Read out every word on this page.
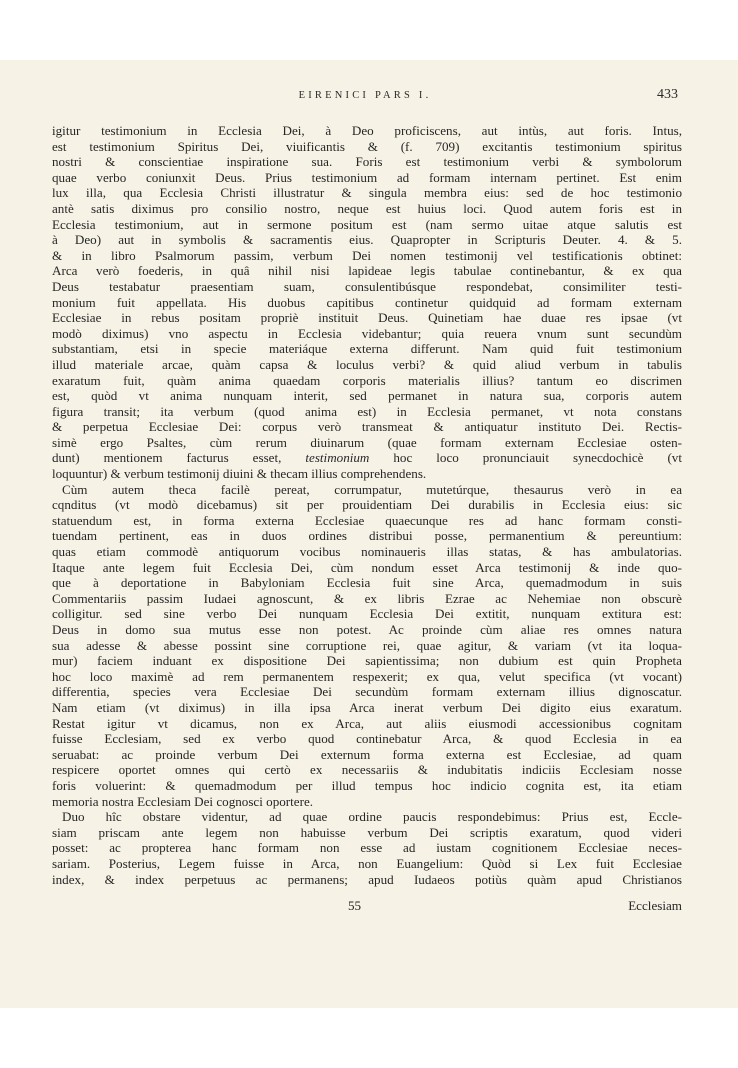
EIRENICI PARS I.	433
igitur testimonium in Ecclesia Dei, à Deo proficiscens, aut intùs, aut foris. Intus,
est testimonium Spiritus Dei, viuificantis & (f. 709) excitantis testimonium spiritus
nostri & conscientiae inspiratione sua. Foris est testimonium verbi & symbolorum
quae verbo coniunxit Deus. Prius testimonium ad formam internam pertinet. Est enim
lux illa, qua Ecclesia Christi illustratur & singula membra eius: sed de hoc testimonio
antè satis diximus pro consilio nostro, neque est huius loci. Quod autem foris est in
Ecclesia testimonium, aut in sermone positum est (nam sermo uitae atque salutis est
à Deo) aut in symbolis & sacramentis eius. Quapropter in Scripturis Deuter. 4. & 5.
& in libro Psalmorum passim, verbum Dei nomen testimonij vel testificationis obtinet:
Arca verò foederis, in quâ nihil nisi lapideae legis tabulae continebantur, & ex qua
Deus testabatur praesentiam suam, consulentibúsque respondebat, consimiliter testi-
monium fuit appellata. His duobus capitibus continetur quidquid ad formam externam
Ecclesiae in rebus positam propriè instituit Deus. Quinetiam hae duae res ipsae (vt
modò diximus) vno aspectu in Ecclesia videbantur; quia reuera vnum sunt secundùm
substantiam, etsi in specie materiáque externa differunt. Nam quid fuit testimonium
illud materiale arcae, quàm capsa & loculus verbi? & quid aliud verbum in tabulis
exaratum fuit, quàm anima quaedam corporis materialis illius? tantum eo discrimen
est, quòd vt anima nunquam interit, sed permanet in natura sua, corporis autem
figura transit; ita verbum (quod anima est) in Ecclesia permanet, vt nota constans
& perpetua Ecclesiae Dei: corpus verò transmeat & antiquatur instituto Dei. Rectis-
simè ergo Psaltes, cùm rerum diuinarum (quae formam externam Ecclesiae osten-
dunt) mentionem facturus esset, testimonium hoc loco pronunciauit synecdochicè (vt
loquuntur) & verbum testimonij diuini & thecam illius comprehendens.
Cùm autem theca facilè pereat, corrumpatur, mutetúrque, thesaurus verò in ea
cqnditus (vt modò dicebamus) sit per prouidentiam Dei durabilis in Ecclesia eius: sic
statuendum est, in forma externa Ecclesiae quaecunque res ad hanc formam consti-
tuendam pertinent, eas in duos ordines distribui posse, permanentium & pereuntium:
quas etiam commodè antiquorum vocibus nominaueris illas statas, & has ambulatorias.
Itaque ante legem fuit Ecclesia Dei, cùm nondum esset Arca testimonij & inde quo-
que à deportatione in Babyloniam Ecclesia fuit sine Arca, quemadmodum in suis
Commentariis passim Iudaei agnoscunt, & ex libris Ezrae ac Nehemiae non obscurè
colligitur. sed sine verbo Dei nunquam Ecclesia Dei extitit, nunquam extitura est:
Deus in domo sua mutus esse non potest. Ac proinde cùm aliae res omnes natura
sua adesse & abesse possint sine corruptione rei, quae agitur, & variam (vt ita loqua-
mur) faciem induant ex dispositione Dei sapientissima; non dubium est quin Propheta
hoc loco maximè ad rem permanentem respexerit; ex qua, velut specifica (vt vocant)
differentia, species vera Ecclesiae Dei secundùm formam externam illius dignoscatur.
Nam etiam (vt diximus) in illa ipsa Arca inerat verbum Dei digito eius exaratum.
Restat igitur vt dicamus, non ex Arca, aut aliis eiusmodi accessionibus cognitam
fuisse Ecclesiam, sed ex verbo quod continebatur Arca, & quod Ecclesia in ea
seruabat: ac proinde verbum Dei externum forma externa est Ecclesiae, ad quam
respicere oportet omnes qui certò ex necessariis & indubitatis indiciis Ecclesiam nosse
foris voluerint: & quemadmodum per illud tempus hoc indicio cognita est, ita etiam
memoria nostra Ecclesiam Dei cognosci oportere.
Duo hîc obstare videntur, ad quae ordine paucis respondebimus: Prius est, Eccle-
siam priscam ante legem non habuisse verbum Dei scriptis exaratum, quod videri
posset: ac propterea hanc formam non esse ad iustam cognitionem Ecclesiae neces-
sariam. Posterius, Legem fuisse in Arca, non Euangelium: Quòd si Lex fuit Ecclesiae
index, & index perpetuus ac permanens; apud Iudaeos potiùs quàm apud Christianos
55	Ecclesiam
